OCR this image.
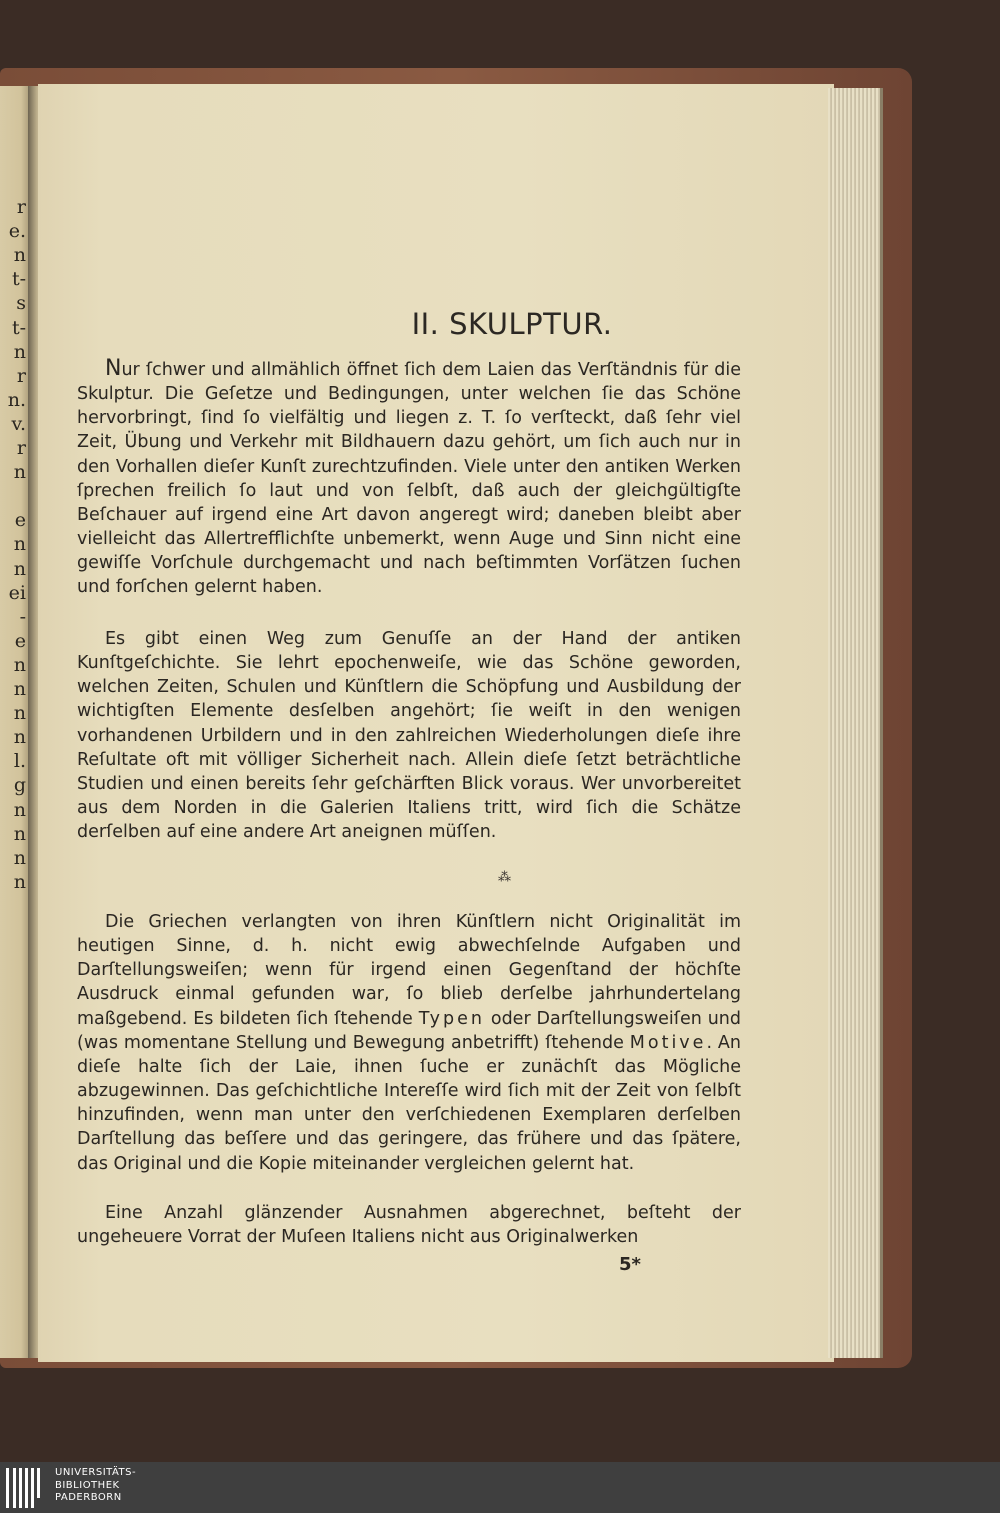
r
e.
n
t-
s
t-
n
r
n.
v.
r
n
e
n
n
ei
-
e
n
n
n
n
l.
g
n
n
n
n
II. SKULPTUR.

Nur ſchwer und allmählich öffnet ſich dem Laien das Verſtändnis für die Skulptur. Die Geſetze und Bedingungen, unter welchen ſie das Schöne hervorbringt, ſind ſo vielfältig und liegen z. T. ſo verſteckt, daß ſehr viel Zeit, Übung und Verkehr mit Bildhauern dazu gehört, um ſich auch nur in den Vorhallen dieſer Kunſt zurechtzufinden. Viele unter den antiken Werken ſprechen freilich ſo laut und von ſelbſt, daß auch der gleichgültigſte Beſchauer auf irgend eine Art davon angeregt wird; daneben bleibt aber vielleicht das Allertrefflichſte unbemerkt, wenn Auge und Sinn nicht eine gewiſſe Vorſchule durchgemacht und nach beſtimmten Vorſätzen ſuchen und forſchen gelernt haben.

Es gibt einen Weg zum Genuſſe an der Hand der antiken Kunſtgeſchichte. Sie lehrt epochenweiſe, wie das Schöne geworden, welchen Zeiten, Schulen und Künſtlern die Schöpfung und Ausbildung der wichtigſten Elemente desſelben angehört; ſie weiſt in den wenigen vorhandenen Urbildern und in den zahlreichen Wiederholungen dieſe ihre Reſultate oft mit völliger Sicherheit nach. Allein dieſe ſetzt beträchtliche Studien und einen bereits ſehr geſchärften Blick voraus. Wer unvorbereitet aus dem Norden in die Galerien Italiens tritt, wird ſich die Schätze derſelben auf eine andere Art aneignen müſſen.

⁂

Die Griechen verlangten von ihren Künſtlern nicht Originalität im heutigen Sinne, d. h. nicht ewig abwechſelnde Aufgaben und Darſtellungsweiſen; wenn für irgend einen Gegenſtand der höchſte Ausdruck einmal gefunden war, ſo blieb derſelbe jahrhundertelang maßgebend. Es bildeten ſich ſtehende Typen oder Darſtellungsweiſen und (was momentane Stellung und Bewegung anbetrifft) ſtehende Motive. An dieſe halte ſich der Laie, ihnen ſuche er zunächſt das Mögliche abzugewinnen. Das geſchichtliche Intereſſe wird ſich mit der Zeit von ſelbſt hinzufinden, wenn man unter den verſchiedenen Exemplaren derſelben Darſtellung das beſſere und das geringere, das frühere und das ſpätere, das Original und die Kopie miteinander vergleichen gelernt hat.

Eine Anzahl glänzender Ausnahmen abgerechnet, beſteht der ungeheuere Vorrat der Muſeen Italiens nicht aus Originalwerken

5*
UNIVERSITÄTS-
BIBLIOTHEK
PADERBORN
